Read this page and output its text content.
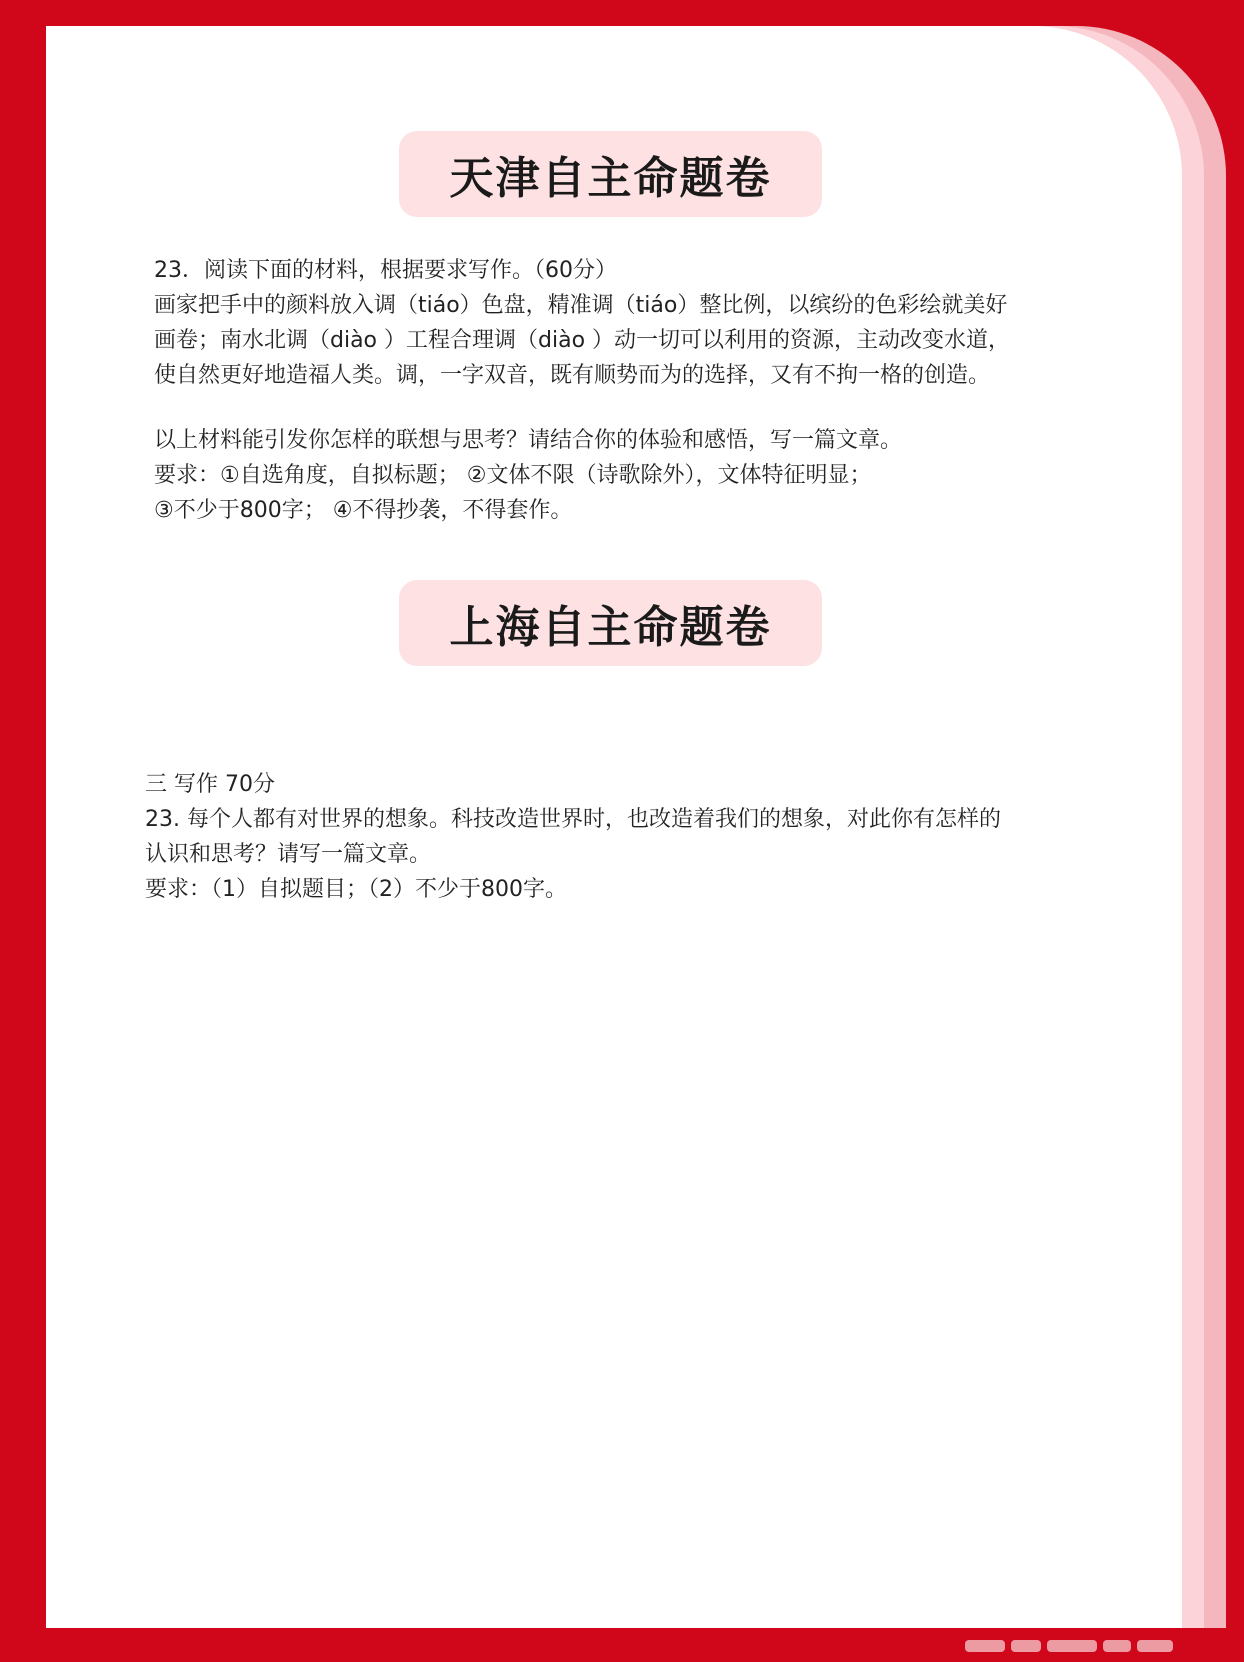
天津自主命题卷

23．阅读下面的材料，根据要求写作。（60分）

画家把手中的颜料放入调（tiáo）色盘，精准调（tiáo）整比例，以缤纷的色彩绘就美好

画卷；南水北调（diào ）工程合理调（diào ）动一切可以利用的资源，主动改变水道，

使自然更好地造福人类。调，一字双音，既有顺势而为的选择，又有不拘一格的创造。

以上材料能引发你怎样的联想与思考？请结合你的体验和感悟，写一篇文章。

要求：①自选角度，自拟标题； ②文体不限（诗歌除外），文体特征明显；

③不少于800字； ④不得抄袭，不得套作。

上海自主命题卷

三 写作 70分

23. 每个人都有对世界的想象。科技改造世界时，也改造着我们的想象，对此你有怎样的

认识和思考？请写一篇文章。

要求：（1）自拟题目；（2）不少于800字。
